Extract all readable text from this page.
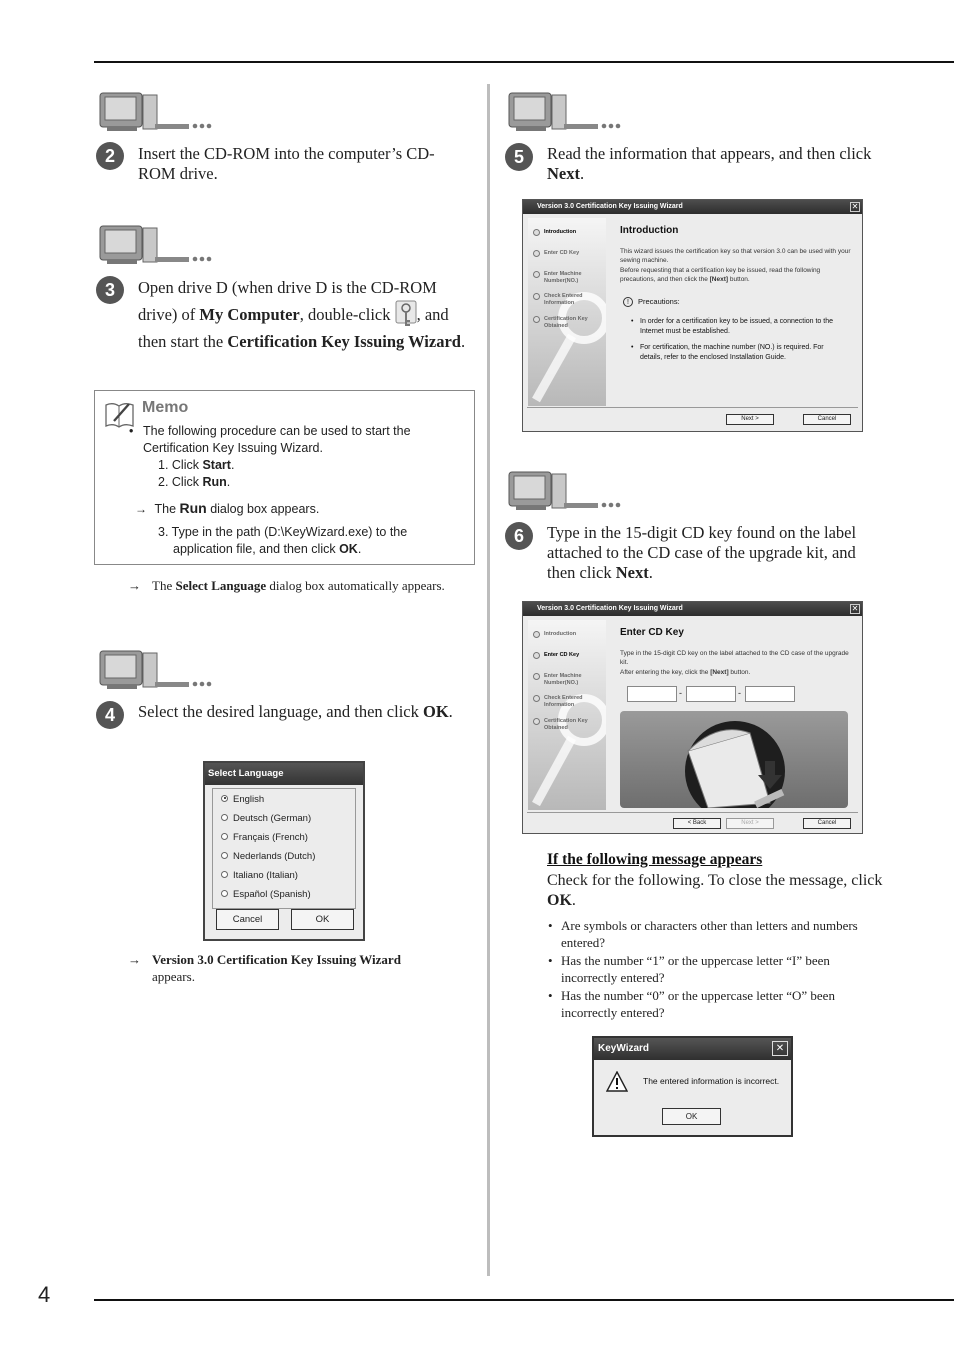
4
2	Insert the CD-ROM into the computer’s CD-ROM drive.
3	Open drive D (when drive D is the CD-ROM drive) of My Computer, double-click , and then start the Certification Key Issuing Wizard.
Memo
• The following procedure can be used to start the Certification Key Issuing Wizard.
1. Click Start.
2. Click Run.
→ The Run dialog box appears.
3. Type in the path (D:\KeyWizard.exe) to the application file, and then click OK.
→ The Select Language dialog box automatically appears.
4	Select the desired language, and then click OK.
Select Language
English
Deutsch (German)
Français (French)
Nederlands (Dutch)
Italiano (Italian)
Español (Spanish)
Cancel	OK
→ Version 3.0 Certification Key Issuing Wizard
appears.
5	Read the information that appears, and then click Next.
Version 3.0 Certification Key Issuing Wizard	✕
Introduction
Enter CD Key
Enter Machine Number(NO.)
Check Entered Information
Certification Key Obtained
Introduction
This wizard issues the certification key so that version 3.0 can be used with your sewing machine.
Before requesting that a certification key be issued, read the following precautions, and then click the [Next] button.
! Precautions:
• In order for a certification key to be issued, a connection to the Internet must be established.
• For certification, the machine number (NO.) is required. For details, refer to the enclosed Installation Guide.
Next >	Cancel
6	Type in the 15-digit CD key found on the label attached to the CD case of the upgrade kit, and then click Next.
Version 3.0 Certification Key Issuing Wizard	✕
Introduction
Enter CD Key
Enter Machine Number(NO.)
Check Entered Information
Certification Key Obtained
Enter CD Key
Type in the 15-digit CD key on the label attached to the CD case of the upgrade kit.
After entering the key, click the [Next] button.
-	-
< Back	Next >	Cancel
If the following message appears
Check for the following. To close the message, click OK.
• Are symbols or characters other than letters and numbers entered?
• Has the number “1” or the uppercase letter “I” been incorrectly entered?
• Has the number “0” or the uppercase letter “O” been incorrectly entered?
KeyWizard	✕
The entered information is incorrect.
OK
